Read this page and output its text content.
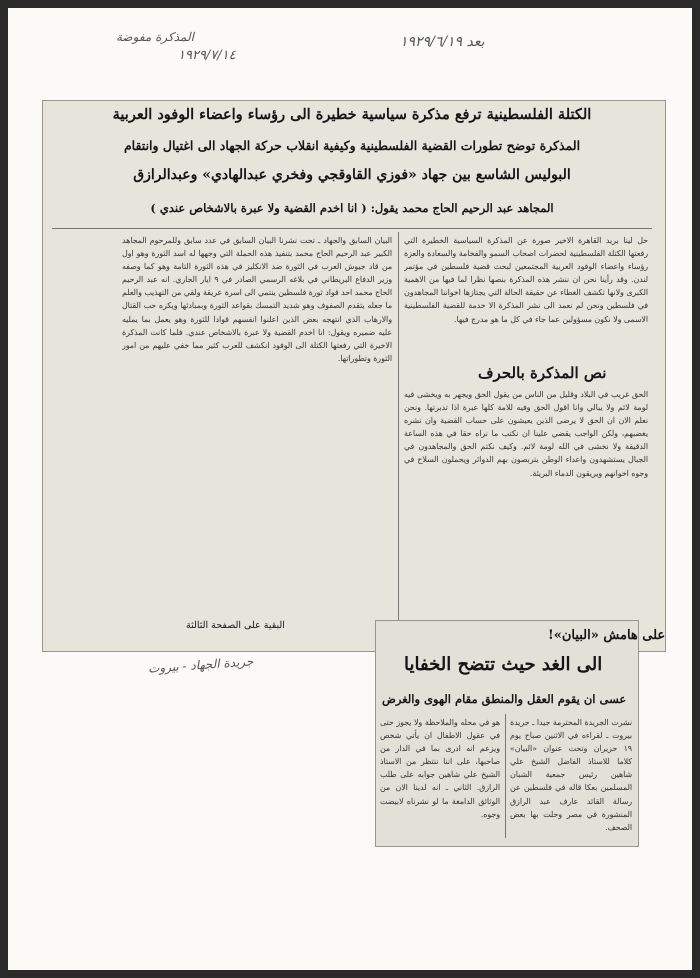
المذكرة مفوضة
١٩٢٩/٧/١٤
بعد ١٩٢٩/٦/١٩
جريدة الجهاد - بيروت
الكتلة الفلسطينية ترفع مذكرة سياسية خطيرة الى رؤساء واعضاء الوفود العربية
المذكرة توضح تطورات القضية الفلسطينية وكيفية انقلاب حركة الجهاد الى اغتيال وانتقام
البوليس الشاسع بين جهاد «فوزي القاوقجي وفخري عبدالهادي» وعبدالرازق
المجاهد عبد الرحيم الحاج محمد يقول: ( انا اخدم القضية ولا عبرة بالاشخاص عندي )

حل لينا بريد القاهرة الاخير صورة عن المذكرة السياسية الخطيرة التي رفعتها الكتلة الفلسطينية لحضرات اصحاب السمو والفخامة والسعادة والعزة رؤساء واعضاء الوفود العربية المجتمعين لبحث قضية فلسطين في مؤتمر لندن. وقد رأينا نحن ان ننشر هذه المذكرة بنصها نظرا لما فيها من الاهمية الكبرى ولانها تكشف الغطاء عن حقيقة الحالة التي يجتازها اخواننا المجاهدون في فلسطين ونحن لم نعمد الى نشر المذكرة الا خدمة للقضية الفلسطينية الاسمى ولا نكون مسؤولين عما جاء في كل ما هو مدرج فيها.

نص المذكرة بالحرف

الحق غريب في البلاد وقليل من الناس من يقول الحق ويجهر به ويخشى فيه لومة لائم ولا يبالي وانا اقول الحق وفيه للامة كلها عبرة اذا تدبرتها. ونحن نعلم الان ان الحق لا يرضى الذين يعيشون على حساب القضية وان نشره يغضبهم، ولكن الواجب يقضي علينا ان نكتب ما نراه حقا في هذه الساعة الدقيقة ولا نخشى في الله لومة لائم. وكيف نكتم الحق والمجاهدون في الجبال يستشهدون واعداء الوطن يتربصون بهم الدوائر ويحملون السلاح في وجوه اخوانهم ويريقون الدماء البريئة.

البيان السابق والجهاد ـ تحت نشرنا البيان السابق في عدد سابق وللمرحوم المجاهد الكبير عبد الرحيم الحاج محمد بتنفيذ هذه الحملة التي وجهها له اسد الثورة وهو اول من قاد جيوش العرب في الثورة ضد الانكليز في هذه الثورة التامة وهو كما وصفه وزير الدفاع البريطاني في بلاغه الرسمي الصادر في ٩ ايار الجاري. انه عبد الرحيم الحاج محمد احد قواد ثورة فلسطين ينتمي الى اسرة عريقة ولقي من التهذيب والعلم ما جعله يتقدم الصفوف وهو شديد التمسك بقواعد الثورة وبمبادئها ويكره حب القتال والارهاب الذي انتهجه بعض الذين اعلنوا انفسهم قوادا للثورة وهو يعمل بما يمليه عليه ضميره ويقول: انا اخدم القضية ولا عبرة بالاشخاص عندي. فلما كانت المذكرة الاخيرة التي رفعتها الكتلة الى الوفود انكشف للعرب كثير مما خفي عليهم من امور الثورة وتطوراتها.

البقية على الصفحة الثالثة
على هامش «البيان»!
الى الغد حيث تتضح الخفايا
عسى ان يقوم العقل والمنطق مقام الهوى والغرض

نشرت الجريدة المحترمة جيدا ـ جريدة بيروت ـ لقراءه في الاثنين صباح يوم ١٩ حزيران وتحت عنوان «البيان» كلاما للاستاذ الفاضل الشيخ علي شاهين رئيس جمعية الشبان المسلمين بعكا قاله في فلسطين عن رسالة القائد عارف عبد الرازق المنشورة في مصر وحلت بها بعض الصحف.

هو في محله والملاحظة ولا يجوز حتى في عقول الاطفال ان يأتي شخص ويزعم انه ادرى بما في الدار من صاحبها، على اننا ننتظر من الاستاذ الشيخ علي شاهين جوابه على طلب الرازق. الثاني ـ انه لدينا الان من الوثائق الدامغة ما لو نشرناه لابيضت وجوه.
